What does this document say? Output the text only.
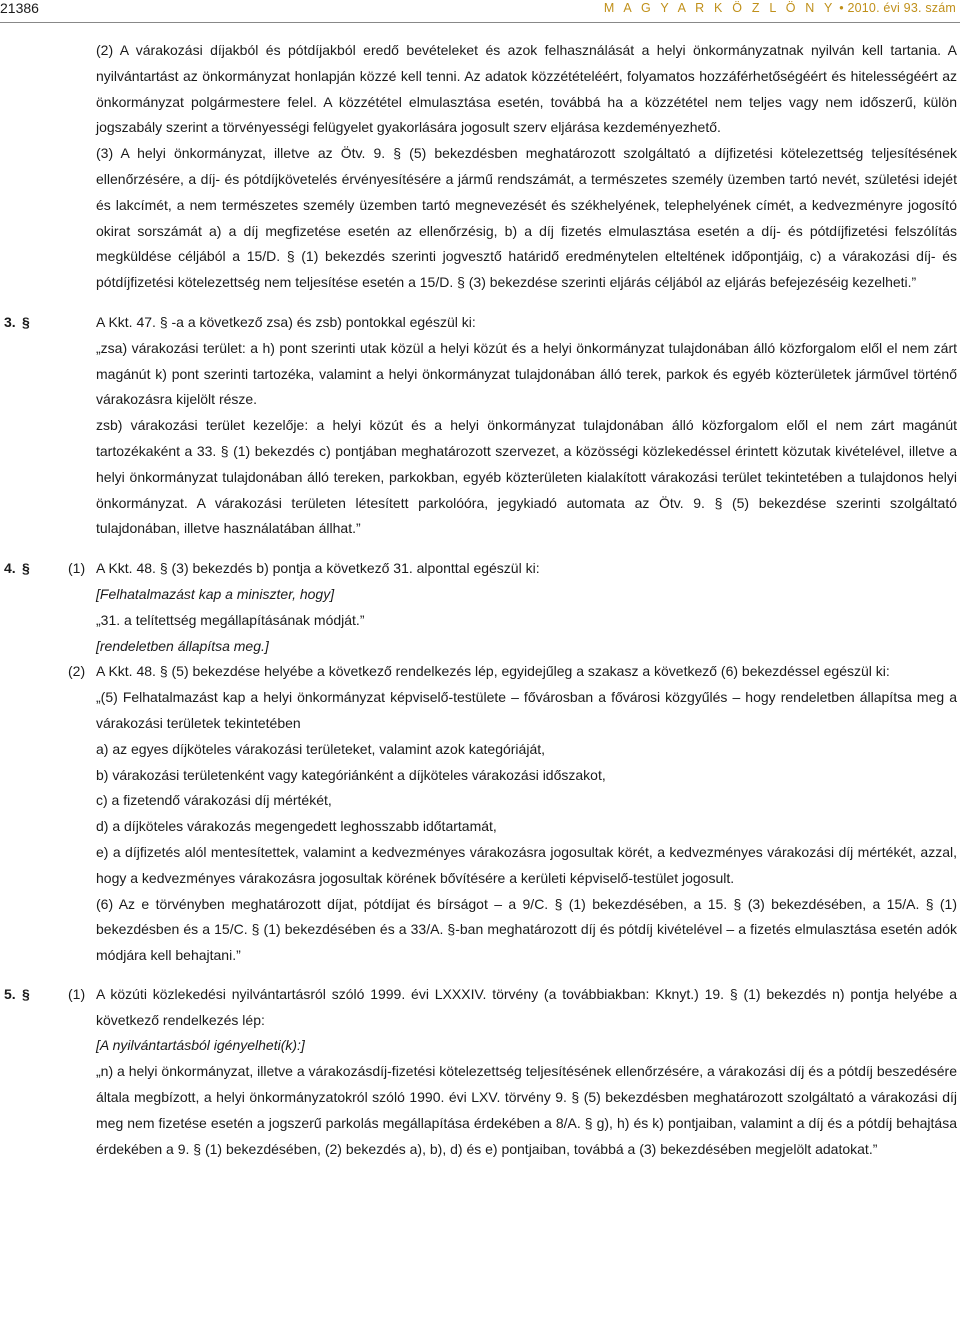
21386	M A G Y A R K Ö Z L Ö N Y • 2010. évi 93. szám
(2) A várakozási díjakból és pótdíjakból eredő bevételeket és azok felhasználását a helyi önkormányzatnak nyilván kell tartania. A nyilvántartást az önkormányzat honlapján közzé kell tenni. Az adatok közzétételéért, folyamatos hozzáférhetőségéért és hitelességéért az önkormányzat polgármestere felel. A közzététel elmulasztása esetén, továbbá ha a közzététel nem teljes vagy nem időszerű, külön jogszabály szerint a törvényességi felügyelet gyakorlására jogosult szerv eljárása kezdeményezhető.
(3) A helyi önkormányzat, illetve az Ötv. 9. § (5) bekezdésben meghatározott szolgáltató a díjfizetési kötelezettség teljesítésének ellenőrzésére, a díj- és pótdíjkövetelés érvényesítésére a jármű rendszámát, a természetes személy üzemben tartó nevét, születési idejét és lakcímét, a nem természetes személy üzemben tartó megnevezését és székhelyének, telephelyének címét, a kedvezményre jogosító okirat sorszámát a) a díj megfizetése esetén az ellenőrzésig, b) a díj fizetés elmulasztása esetén a díj- és pótdíjfizetési felszólítás megküldése céljából a 15/D. § (1) bekezdés szerinti jogvesztő határidő eredménytelen elteltének időpontjáig, c) a várakozási díj- és pótdíjfizetési kötelezettség nem teljesítése esetén a 15/D. § (3) bekezdése szerinti eljárás céljából az eljárás befejezéséig kezelheti.”
3. §	A Kkt. 47. § -a a következő zsa) és zsb) pontokkal egészül ki:
„zsa) várakozási terület: a h) pont szerinti utak közül a helyi közút és a helyi önkormányzat tulajdonában álló közforgalom elől el nem zárt magánút k) pont szerinti tartozéka, valamint a helyi önkormányzat tulajdonában álló terek, parkok és egyéb közterületek járművel történő várakozásra kijelölt része.
zsb) várakozási terület kezelője: a helyi közút és a helyi önkormányzat tulajdonában álló közforgalom elől el nem zárt magánút tartozékaként a 33. § (1) bekezdés c) pontjában meghatározott szervezet, a közösségi közlekedéssel érintett közutak kivételével, illetve a helyi önkormányzat tulajdonában álló tereken, parkokban, egyéb közterületen kialakított várakozási terület tekintetében a tulajdonos helyi önkormányzat. A várakozási területen létesített parkolóóra, jegykiadó automata az Ötv. 9. § (5) bekezdése szerinti szolgáltató tulajdonában, illetve használatában állhat.”
4. §	(1) A Kkt. 48. § (3) bekezdés b) pontja a következő 31. alponttal egészül ki:
[Felhatalmazást kap a miniszter, hogy]
„31. a telítettség megállapításának módját.”
[rendeletben állapítsa meg.]
(2) A Kkt. 48. § (5) bekezdése helyébe a következő rendelkezés lép, egyidejűleg a szakasz a következő (6) bekezdéssel egészül ki:
„(5) Felhatalmazást kap a helyi önkormányzat képviselő-testülete – fővárosban a fővárosi közgyűlés – hogy rendeletben állapítsa meg a várakozási területek tekintetében
a) az egyes díjköteles várakozási területeket, valamint azok kategóriáját,
b) várakozási területenként vagy kategóriánként a díjköteles várakozási időszakot,
c) a fizetendő várakozási díj mértékét,
d) a díjköteles várakozás megengedett leghosszabb időtartamát,
e) a díjfizetés alól mentesítettek, valamint a kedvezményes várakozásra jogosultak körét, a kedvezményes várakozási díj mértékét, azzal, hogy a kedvezményes várakozásra jogosultak körének bővítésére a kerületi képviselő-testület jogosult.
(6) Az e törvényben meghatározott díjat, pótdíjat és bírságot – a 9/C. § (1) bekezdésében, a 15. § (3) bekezdésében, a 15/A. § (1) bekezdésben és a 15/C. § (1) bekezdésében és a 33/A. §-ban meghatározott díj és pótdíj kivételével – a fizetés elmulasztása esetén adók módjára kell behajtani.”
5. §	(1) A közúti közlekedési nyilvántartásról szóló 1999. évi LXXXIV. törvény (a továbbiakban: Kknyt.) 19. § (1) bekezdés n) pontja helyébe a következő rendelkezés lép:
[A nyilvántartásból igényelheti(k):]
„n) a helyi önkormányzat, illetve a várakozásdíj-fizetési kötelezettség teljesítésének ellenőrzésére, a várakozási díj és a pótdíj beszedésére általa megbízott, a helyi önkormányzatokról szóló 1990. évi LXV. törvény 9. § (5) bekezdésben meghatározott szolgáltató a várakozási díj meg nem fizetése esetén a jogszerű parkolás megállapítása érdekében a 8/A. § g), h) és k) pontjaiban, valamint a díj és a pótdíj behajtása érdekében a 9. § (1) bekezdésében, (2) bekezdés a), b), d) és e) pontjaiban, továbbá a (3) bekezdésében megjelölt adatokat.”
